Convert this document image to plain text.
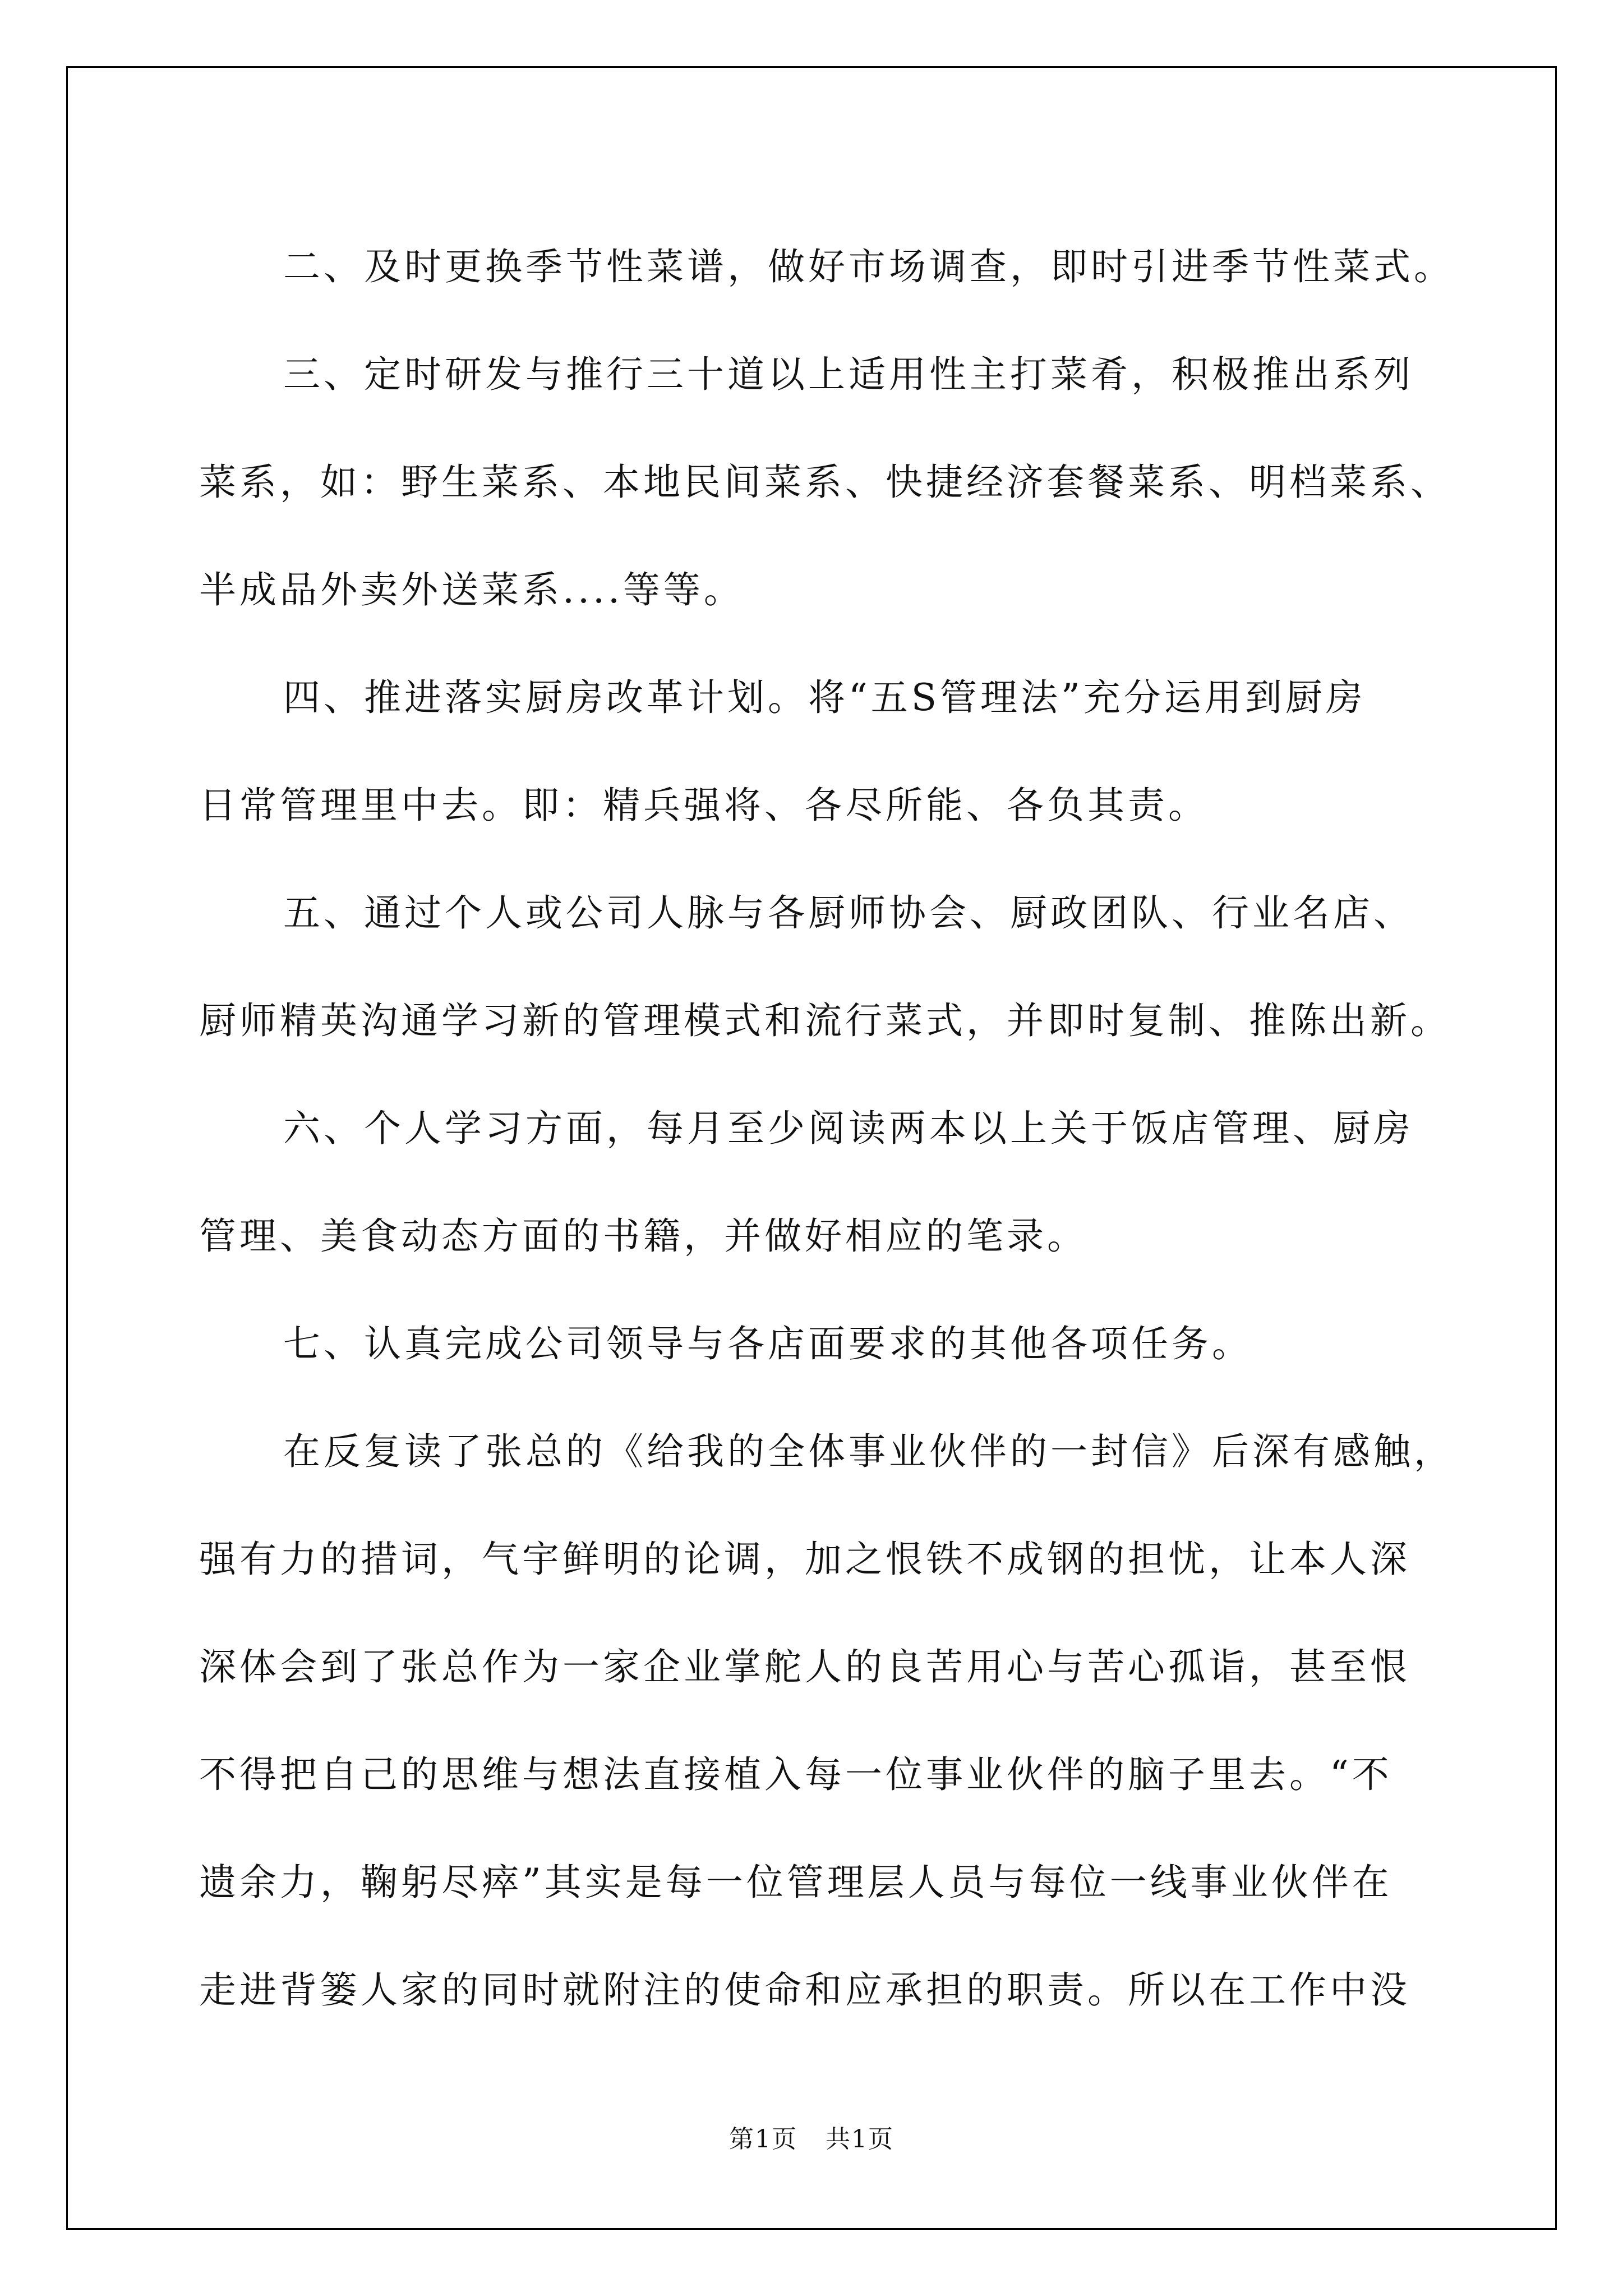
二、及时更换季节性菜谱，做好市场调查，即时引进季节性菜式。

三、定时研发与推行三十道以上适用性主打菜肴，积极推出系列

菜系，如：野生菜系、本地民间菜系、快捷经济套餐菜系、明档菜系、

半成品外卖外送菜系....等等。

四、推进落实厨房改革计划。将“五S管理法”充分运用到厨房

日常管理里中去。即：精兵强将、各尽所能、各负其责。

五、通过个人或公司人脉与各厨师协会、厨政团队、行业名店、

厨师精英沟通学习新的管理模式和流行菜式，并即时复制、推陈出新。

六、个人学习方面，每月至少阅读两本以上关于饭店管理、厨房

管理、美食动态方面的书籍，并做好相应的笔录。

七、认真完成公司领导与各店面要求的其他各项任务。

在反复读了张总的《给我的全体事业伙伴的一封信》后深有感触，

强有力的措词，气宇鲜明的论调，加之恨铁不成钢的担忧，让本人深

深体会到了张总作为一家企业掌舵人的良苦用心与苦心孤诣，甚至恨

不得把自己的思维与想法直接植入每一位事业伙伴的脑子里去。“不

遗余力，鞠躬尽瘁”其实是每一位管理层人员与每位一线事业伙伴在

走进背篓人家的同时就附注的使命和应承担的职责。所以在工作中没

第1页 共1页
